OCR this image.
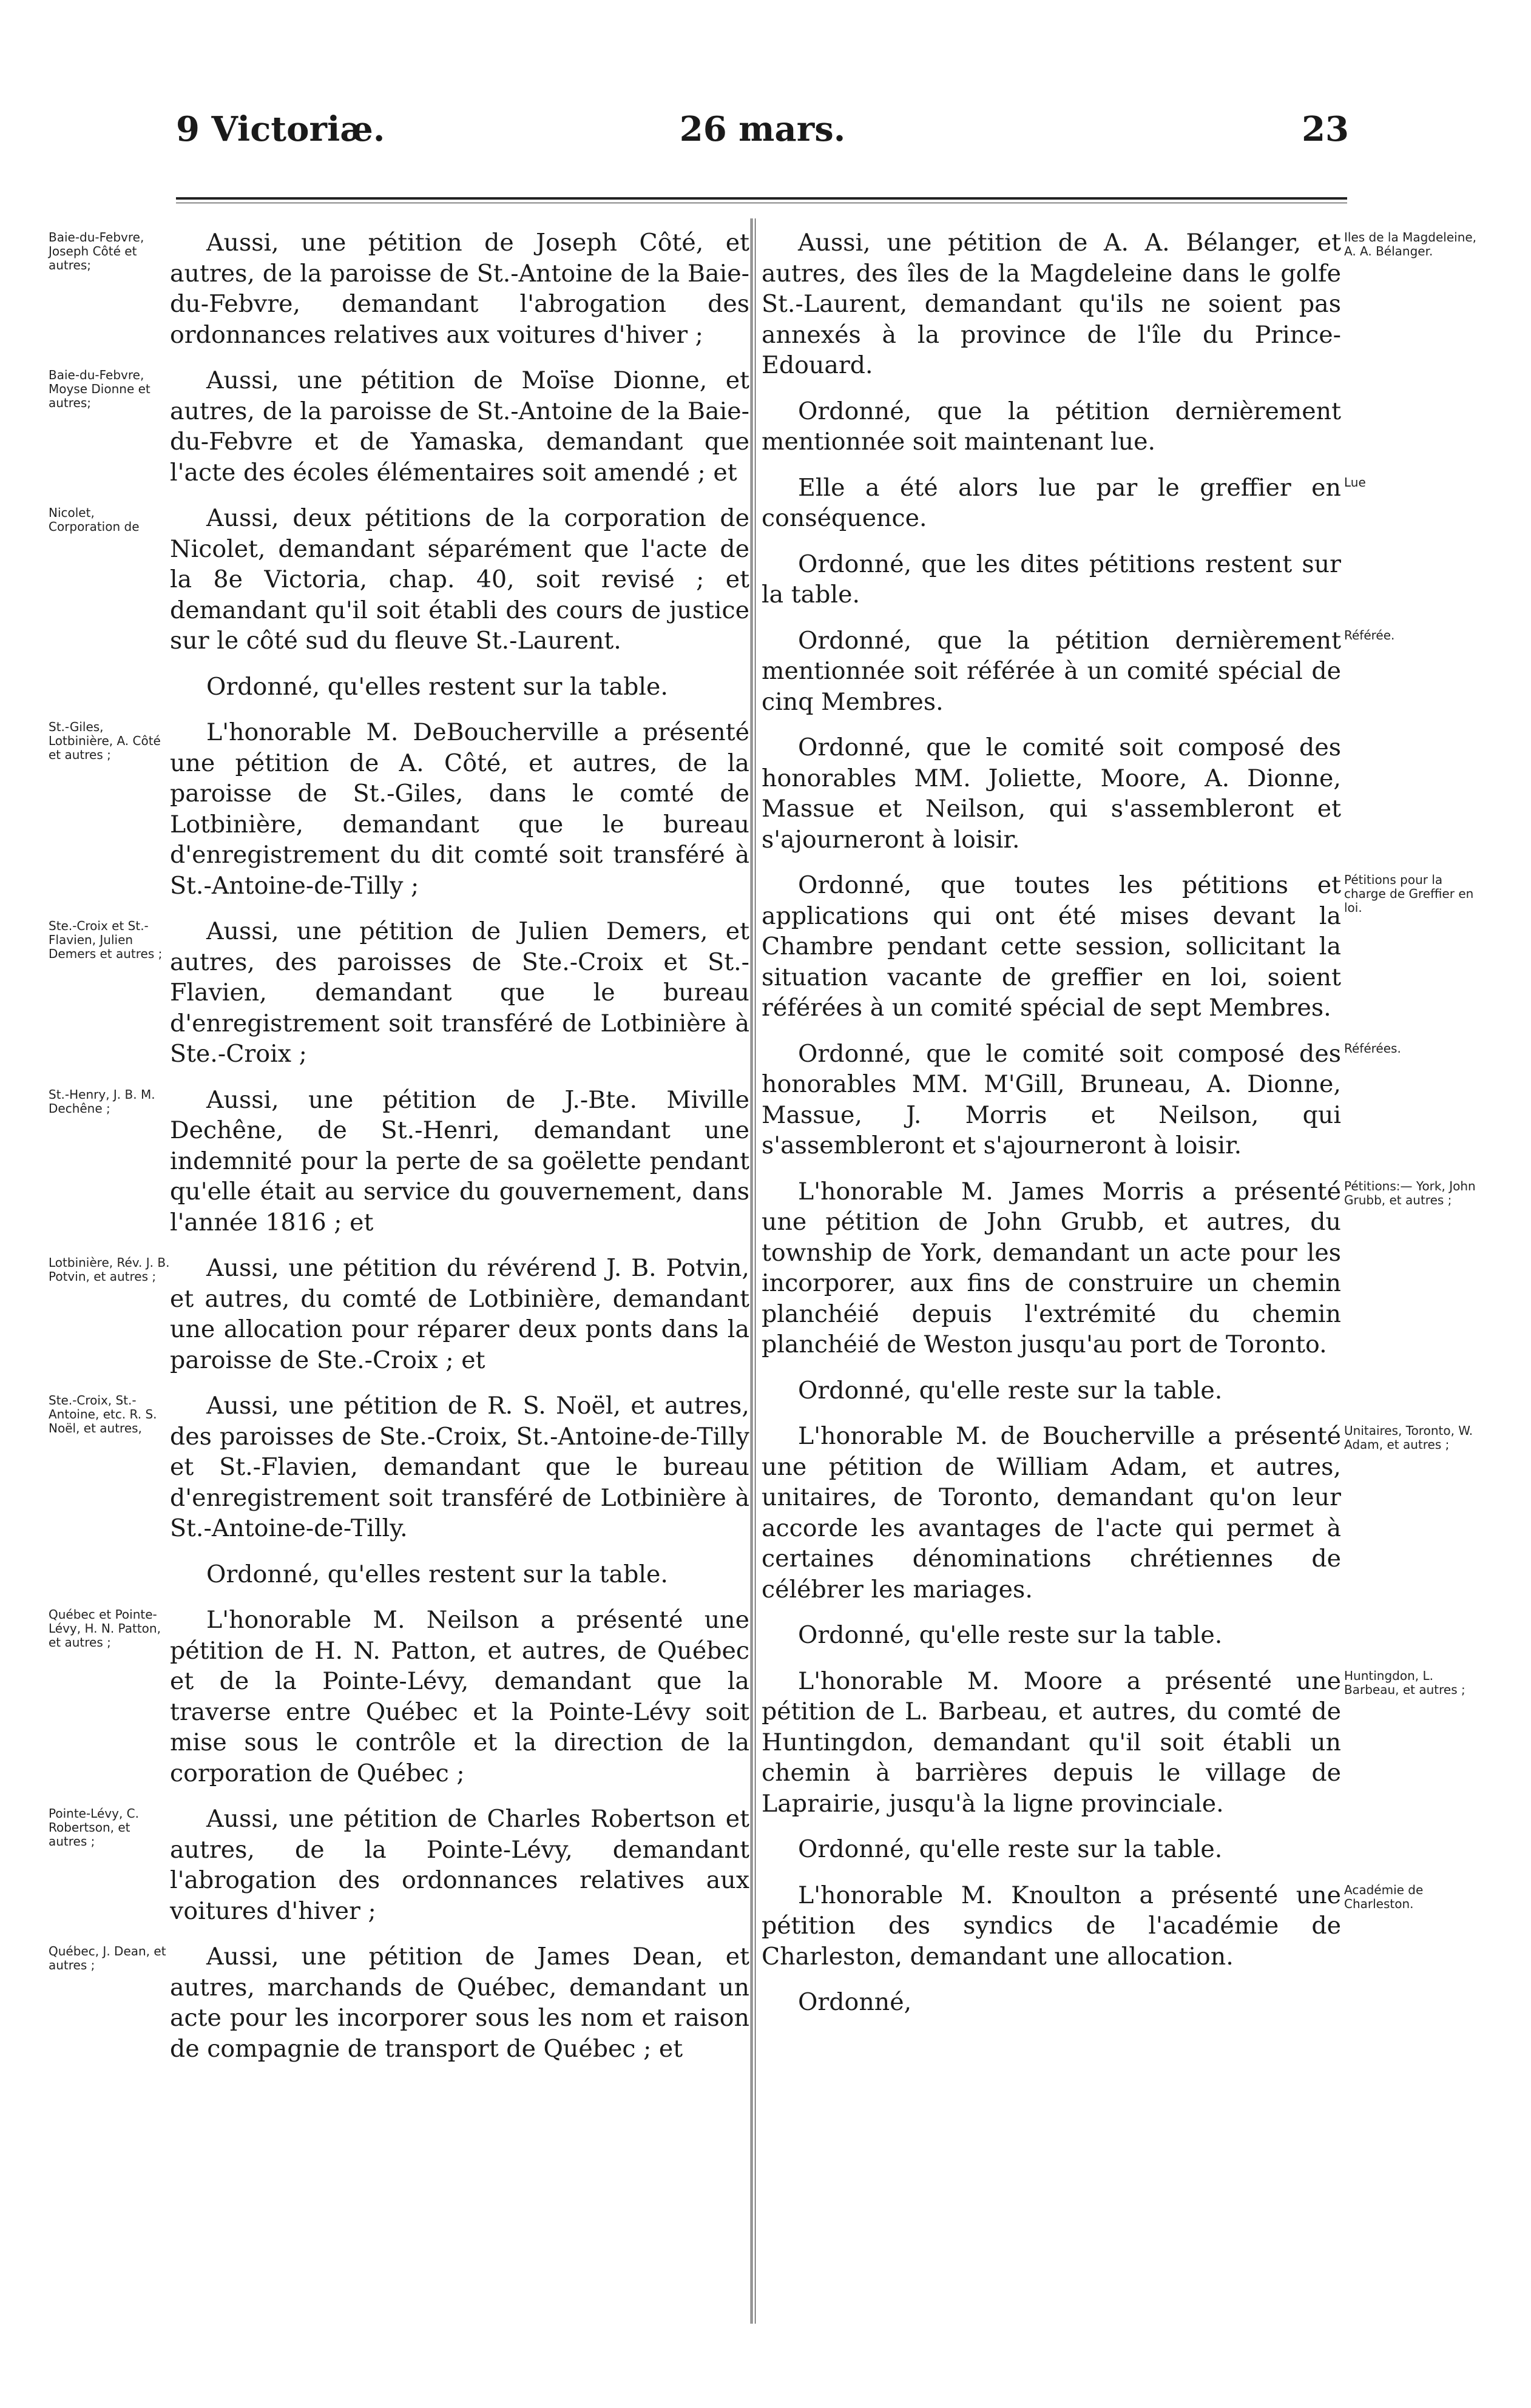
9 Victoriæ.	26 mars.	23

Aussi, une pétition de Joseph Côté, et autres, de la paroisse de St.-Antoine de la Baie-du-Febvre, demandant l'abrogation des ordonnances relatives aux voitures d'hiver ;

Aussi, une pétition de Moïse Dionne, et autres, de la paroisse de St.-Antoine de la Baie-du-Febvre et de Yamaska, demandant que l'acte des écoles élémentaires soit amendé ; et

Aussi, deux pétitions de la corporation de Nicolet, demandant séparément que l'acte de la 8e Victoria, chap. 40, soit revisé ; et demandant qu'il soit établi des cours de justice sur le côté sud du fleuve St.-Laurent.

Ordonné, qu'elles restent sur la table.

L'honorable M. DeBoucherville a présenté une pétition de A. Côté, et autres, de la paroisse de St.-Giles, dans le comté de Lotbinière, demandant que le bureau d'enregistrement du dit comté soit transféré à St.-Antoine-de-Tilly ;

Aussi, une pétition de Julien Demers, et autres, des paroisses de Ste.-Croix et St.-Flavien, demandant que le bureau d'enregistrement soit transféré de Lotbinière à Ste.-Croix ;

Aussi, une pétition de J.-Bte. Miville Dechêne, de St.-Henri, demandant une indemnité pour la perte de sa goëlette pendant qu'elle était au service du gouvernement, dans l'année 1816 ; et

Aussi, une pétition du révérend J. B. Potvin, et autres, du comté de Lotbinière, demandant une allocation pour réparer deux ponts dans la paroisse de Ste.-Croix ; et

Aussi, une pétition de R. S. Noël, et autres, des paroisses de Ste.-Croix, St.-Antoine-de-Tilly et St.-Flavien, demandant que le bureau d'enregistrement soit transféré de Lotbinière à St.-Antoine-de-Tilly.

Ordonné, qu'elles restent sur la table.

L'honorable M. Neilson a présenté une pétition de H. N. Patton, et autres, de Québec et de la Pointe-Lévy, demandant que la traverse entre Québec et la Pointe-Lévy soit mise sous le contrôle et la direction de la corporation de Québec ;

Aussi, une pétition de Charles Robertson et autres, de la Pointe-Lévy, demandant l'abrogation des ordonnances relatives aux voitures d'hiver ;

Aussi, une pétition de James Dean, et autres, marchands de Québec, demandant un acte pour les incorporer sous les nom et raison de compagnie de transport de Québec ; et

Aussi, une pétition de A. A. Bélanger, et autres, des îles de la Magdeleine dans le golfe St.-Laurent, demandant qu'ils ne soient pas annexés à la province de l'île du Prince-Edouard.

Ordonné, que la pétition dernièrement mentionnée soit maintenant lue.

Elle a été alors lue par le greffier en conséquence.

Ordonné, que les dites pétitions restent sur la table.

Ordonné, que la pétition dernièrement mentionnée soit référée à un comité spécial de cinq Membres.

Ordonné, que le comité soit composé des honorables MM. Joliette, Moore, A. Dionne, Massue et Neilson, qui s'assembleront et s'ajourneront à loisir.

Ordonné, que toutes les pétitions et applications qui ont été mises devant la Chambre pendant cette session, sollicitant la situation vacante de greffier en loi, soient référées à un comité spécial de sept Membres.

Ordonné, que le comité soit composé des honorables MM. M'Gill, Bruneau, A. Dionne, Massue, J. Morris et Neilson, qui s'assembleront et s'ajourneront à loisir.

L'honorable M. James Morris a présenté une pétition de John Grubb, et autres, du township de York, demandant un acte pour les incorporer, aux fins de construire un chemin planchéié depuis l'extrémité du chemin planchéié de Weston jusqu'au port de Toronto.

Ordonné, qu'elle reste sur la table.

L'honorable M. de Boucherville a présenté une pétition de William Adam, et autres, unitaires, de Toronto, demandant qu'on leur accorde les avantages de l'acte qui permet à certaines dénominations chrétiennes de célébrer les mariages.

Ordonné, qu'elle reste sur la table.

L'honorable M. Moore a présenté une pétition de L. Barbeau, et autres, du comté de Huntingdon, demandant qu'il soit établi un chemin à barrières depuis le village de Laprairie, jusqu'à la ligne provinciale.

Ordonné, qu'elle reste sur la table.

L'honorable M. Knoulton a présenté une pétition des syndics de l'académie de Charleston, demandant une allocation.

Ordonné,

Baie-du-Febvre, Joseph Côté et autres;
Baie-du-Febvre, Moyse Dionne et autres;
Nicolet, Corporation de
St.-Giles, Lotbinière, A. Côté et autres ;
Ste.-Croix et St.-Flavien, Julien Demers et autres ;
St.-Henry, J. B. M. Dechêne ;
Lotbinière, Rév. J. B. Potvin, et autres ;
Ste.-Croix, St.-Antoine, etc. R. S. Noël, et autres,
Québec et Pointe-Lévy, H. N. Patton, et autres ;
Pointe-Lévy, C. Robertson, et autres ;
Québec, J. Dean, et autres ;
Iles de la Magdeleine, A. A. Bélanger.
Lue
Référée.
Pétitions pour la charge de Greffier en loi.
Référées.
Pétitions:— York, John Grubb, et autres ;
Unitaires, Toronto, W. Adam, et autres ;
Huntingdon, L. Barbeau, et autres ;
Académie de Charleston.
